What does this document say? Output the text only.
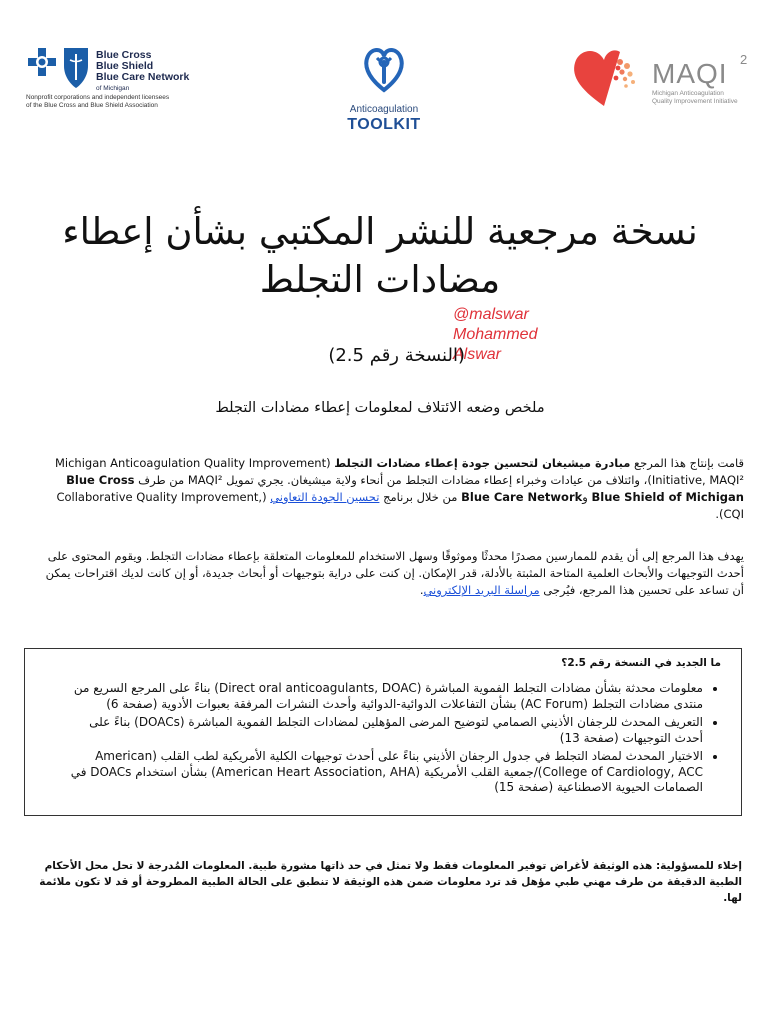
Blue Cross
Blue Shield
Blue Care Network
of Michigan
Nonprofit corporations and independent licensees
of the Blue Cross and Blue Shield Association	Anticoagulation
TOOLKIT
MAQI 2
Michigan Anticoagulation
Quality Improvement Initiative
نسخة مرجعية للنشر المكتبي بشأن إعطاء مضادات التجلط
@malswar
Mohammed
Alswar
(النسخة رقم 2.5)
ملخص وضعه الائتلاف لمعلومات إعطاء مضادات التجلط
قامت بإنتاج هذا المرجع مبادرة ميشيغان لتحسين جودة إعطاء مضادات التجلط (Michigan Anticoagulation Quality Improvement Initiative, MAQI²)، وائتلاف من عيادات وخبراء إعطاء مضادات التجلط من أنحاء ولاية ميشيغان. يجري تمويل MAQI² من طرف Blue Cross Blue Shield of Michigan وBlue Care Network من خلال برنامج تحسين الجودة التعاوني (Collaborative Quality Improvement, CQI).
يهدف هذا المرجع إلى أن يقدم للممارسين مصدرًا محدثًا وموثوقًا وسهل الاستخدام للمعلومات المتعلقة بإعطاء مضادات التجلط. ويقوم المحتوى على أحدث التوجيهات والأبحاث العلمية المتاحة المثبتة بالأدلة، قدر الإمكان. إن كنت على دراية بتوجيهات أو أبحاث جديدة، أو إن كانت لديك اقتراحات يمكن أن تساعد على تحسين هذا المرجع، فيُرجى مراسلة البريد الإلكتروني.
ما الجديد في النسخة رقم 2.5؟
• معلومات محدثة بشأن مضادات التجلط الفموية المباشرة (Direct oral anticoagulants, DOAC) بناءً على المرجع السريع من منتدى مضادات التجلط (AC Forum) بشأن التفاعلات الدوائية-الدوائية وأحدث النشرات المرفقة بعبوات الأدوية (صفحة 6)
• التعريف المحدث للرجفان الأذيني الصمامي لتوضيح المرضى المؤهلين لمضادات التجلط الفموية المباشرة (DOACs) بناءً على أحدث التوجيهات (صفحة 13)
• الاختيار المحدث لمضاد التجلط في جدول الرجفان الأذيني بناءً على أحدث توجيهات الكلية الأمريكية لطب القلب (American College of Cardiology, ACC)/جمعية القلب الأمريكية (American Heart Association, AHA) بشأن استخدام DOACs في الصمامات الحيوية الاصطناعية (صفحة 15)
إخلاء للمسؤولية: هذه الوثيقة لأغراض توفير المعلومات فقط ولا تمثل في حد ذاتها مشورة طبية. المعلومات المُدرجة لا تحل محل الأحكام الطبية الدقيقة من طرف مهني طبي مؤهل قد ترد معلومات ضمن هذه الوثيقة لا تنطبق على الحالة الطبية المطروحة أو قد لا تكون ملائمة لها.
